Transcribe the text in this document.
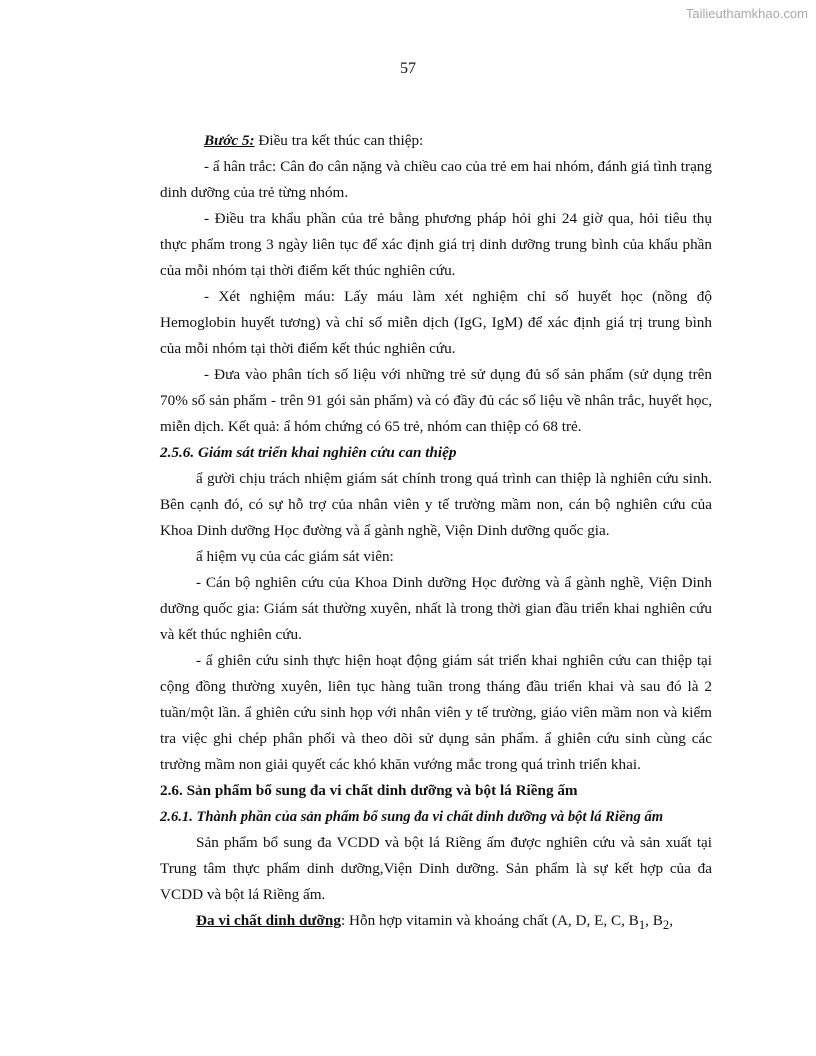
Tailieuthamkhao.com
57

Bước 5: Điều tra kết thúc can thiệp:

- ẩ hân trắc: Cân đo cân nặng và chiều cao của trẻ em hai nhóm, đánh giá tình trạng dinh dưỡng của trẻ từng nhóm.

- Điều tra khẩu phần của trẻ bằng phương pháp hỏi ghi 24 giờ qua, hỏi tiêu thụ thực phẩm trong 3 ngày liên tục để xác định giá trị dinh dưỡng trung bình của khẩu phần của mỗi nhóm tại thời điểm kết thúc nghiên cứu.

- Xét nghiệm máu: Lấy máu làm xét nghiệm chỉ số huyết học (nồng độ Hemoglobin huyết tương) và chỉ số miễn dịch (IgG, IgM) để xác định giá trị trung bình của mỗi nhóm tại thời điểm kết thúc nghiên cứu.

- Đưa vào phân tích số liệu với những trẻ sử dụng đủ số sản phẩm (sử dụng trên 70% số sản phẩm - trên 91 gói sản phẩm) và có đầy đủ các số liệu về nhân trắc, huyết học, miễn dịch. Kết quả: ẩ hóm chứng có 65 trẻ, nhóm can thiệp có 68 trẻ.

2.5.6. Giám sát triển khai nghiên cứu can thiệp

ẩ gười chịu trách nhiệm giám sát chính trong quá trình can thiệp là nghiên cứu sinh. Bên cạnh đó, có sự hỗ trợ của nhân viên y tế trường mầm non, cán bộ nghiên cứu của Khoa Dinh dưỡng Học đường và ẩ gành nghề, Viện Dinh dưỡng quốc gia.

ẩ hiệm vụ của các giám sát viên:

- Cán bộ nghiên cứu của Khoa Dinh dưỡng Học đường và ẩ gành nghề, Viện Dinh dưỡng quốc gia: Giám sát thường xuyên, nhất là trong thời gian đầu triển khai nghiên cứu và kết thúc nghiên cứu.

- ẩ ghiên cứu sinh thực hiện hoạt động giám sát triển khai nghiên cứu can thiệp tại cộng đồng thường xuyên, liên tục hàng tuần trong tháng đầu triển khai và sau đó là 2 tuần/một lần. ẩ ghiên cứu sinh họp với nhân viên y tế trường, giáo viên mầm non và kiểm tra việc ghi chép phân phối và theo dõi sử dụng sản phẩm. ẩ ghiên cứu sinh cùng các trường mầm non giải quyết các khó khăn vướng mắc trong quá trình triển khai.

2.6. Sản phẩm bổ sung đa vi chất dinh dưỡng và bột lá Riềng ấm

2.6.1. Thành phần của sản phẩm bổ sung đa vi chất dinh dưỡng và bột lá Riềng ấm

Sản phẩm bổ sung đa VCDD và bột lá Riềng ấm được nghiên cứu và sản xuất tại Trung tâm thực phẩm dinh dưỡng,Viện Dinh dưỡng. Sản phẩm là sự kết hợp của đa VCDD và bột lá Riềng ấm.

Đa vi chất dinh dưỡng: Hỗn hợp vitamin và khoáng chất (A, D, E, C, $B_1$, $B_2$,
